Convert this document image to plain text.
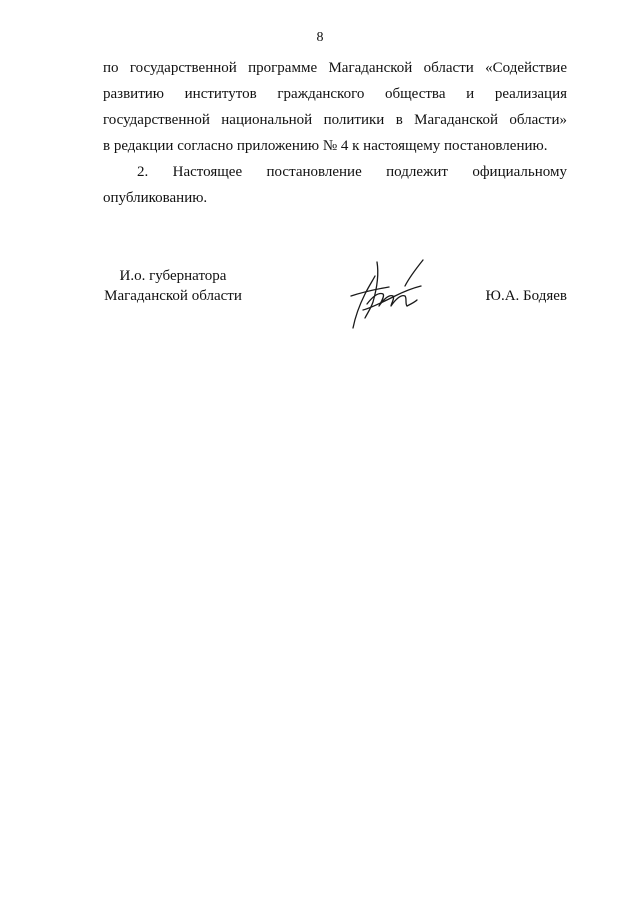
8
по государственной программе Магаданской области «Содействие
развитию институтов гражданского общества и реализация
государственной национальной политики в Магаданской области»
в редакции согласно приложению № 4 к настоящему постановлению.
2. Настоящее постановление подлежит официальному
опубликованию.
И.о. губернатора
Магаданской области	Ю.А. Бодяев
